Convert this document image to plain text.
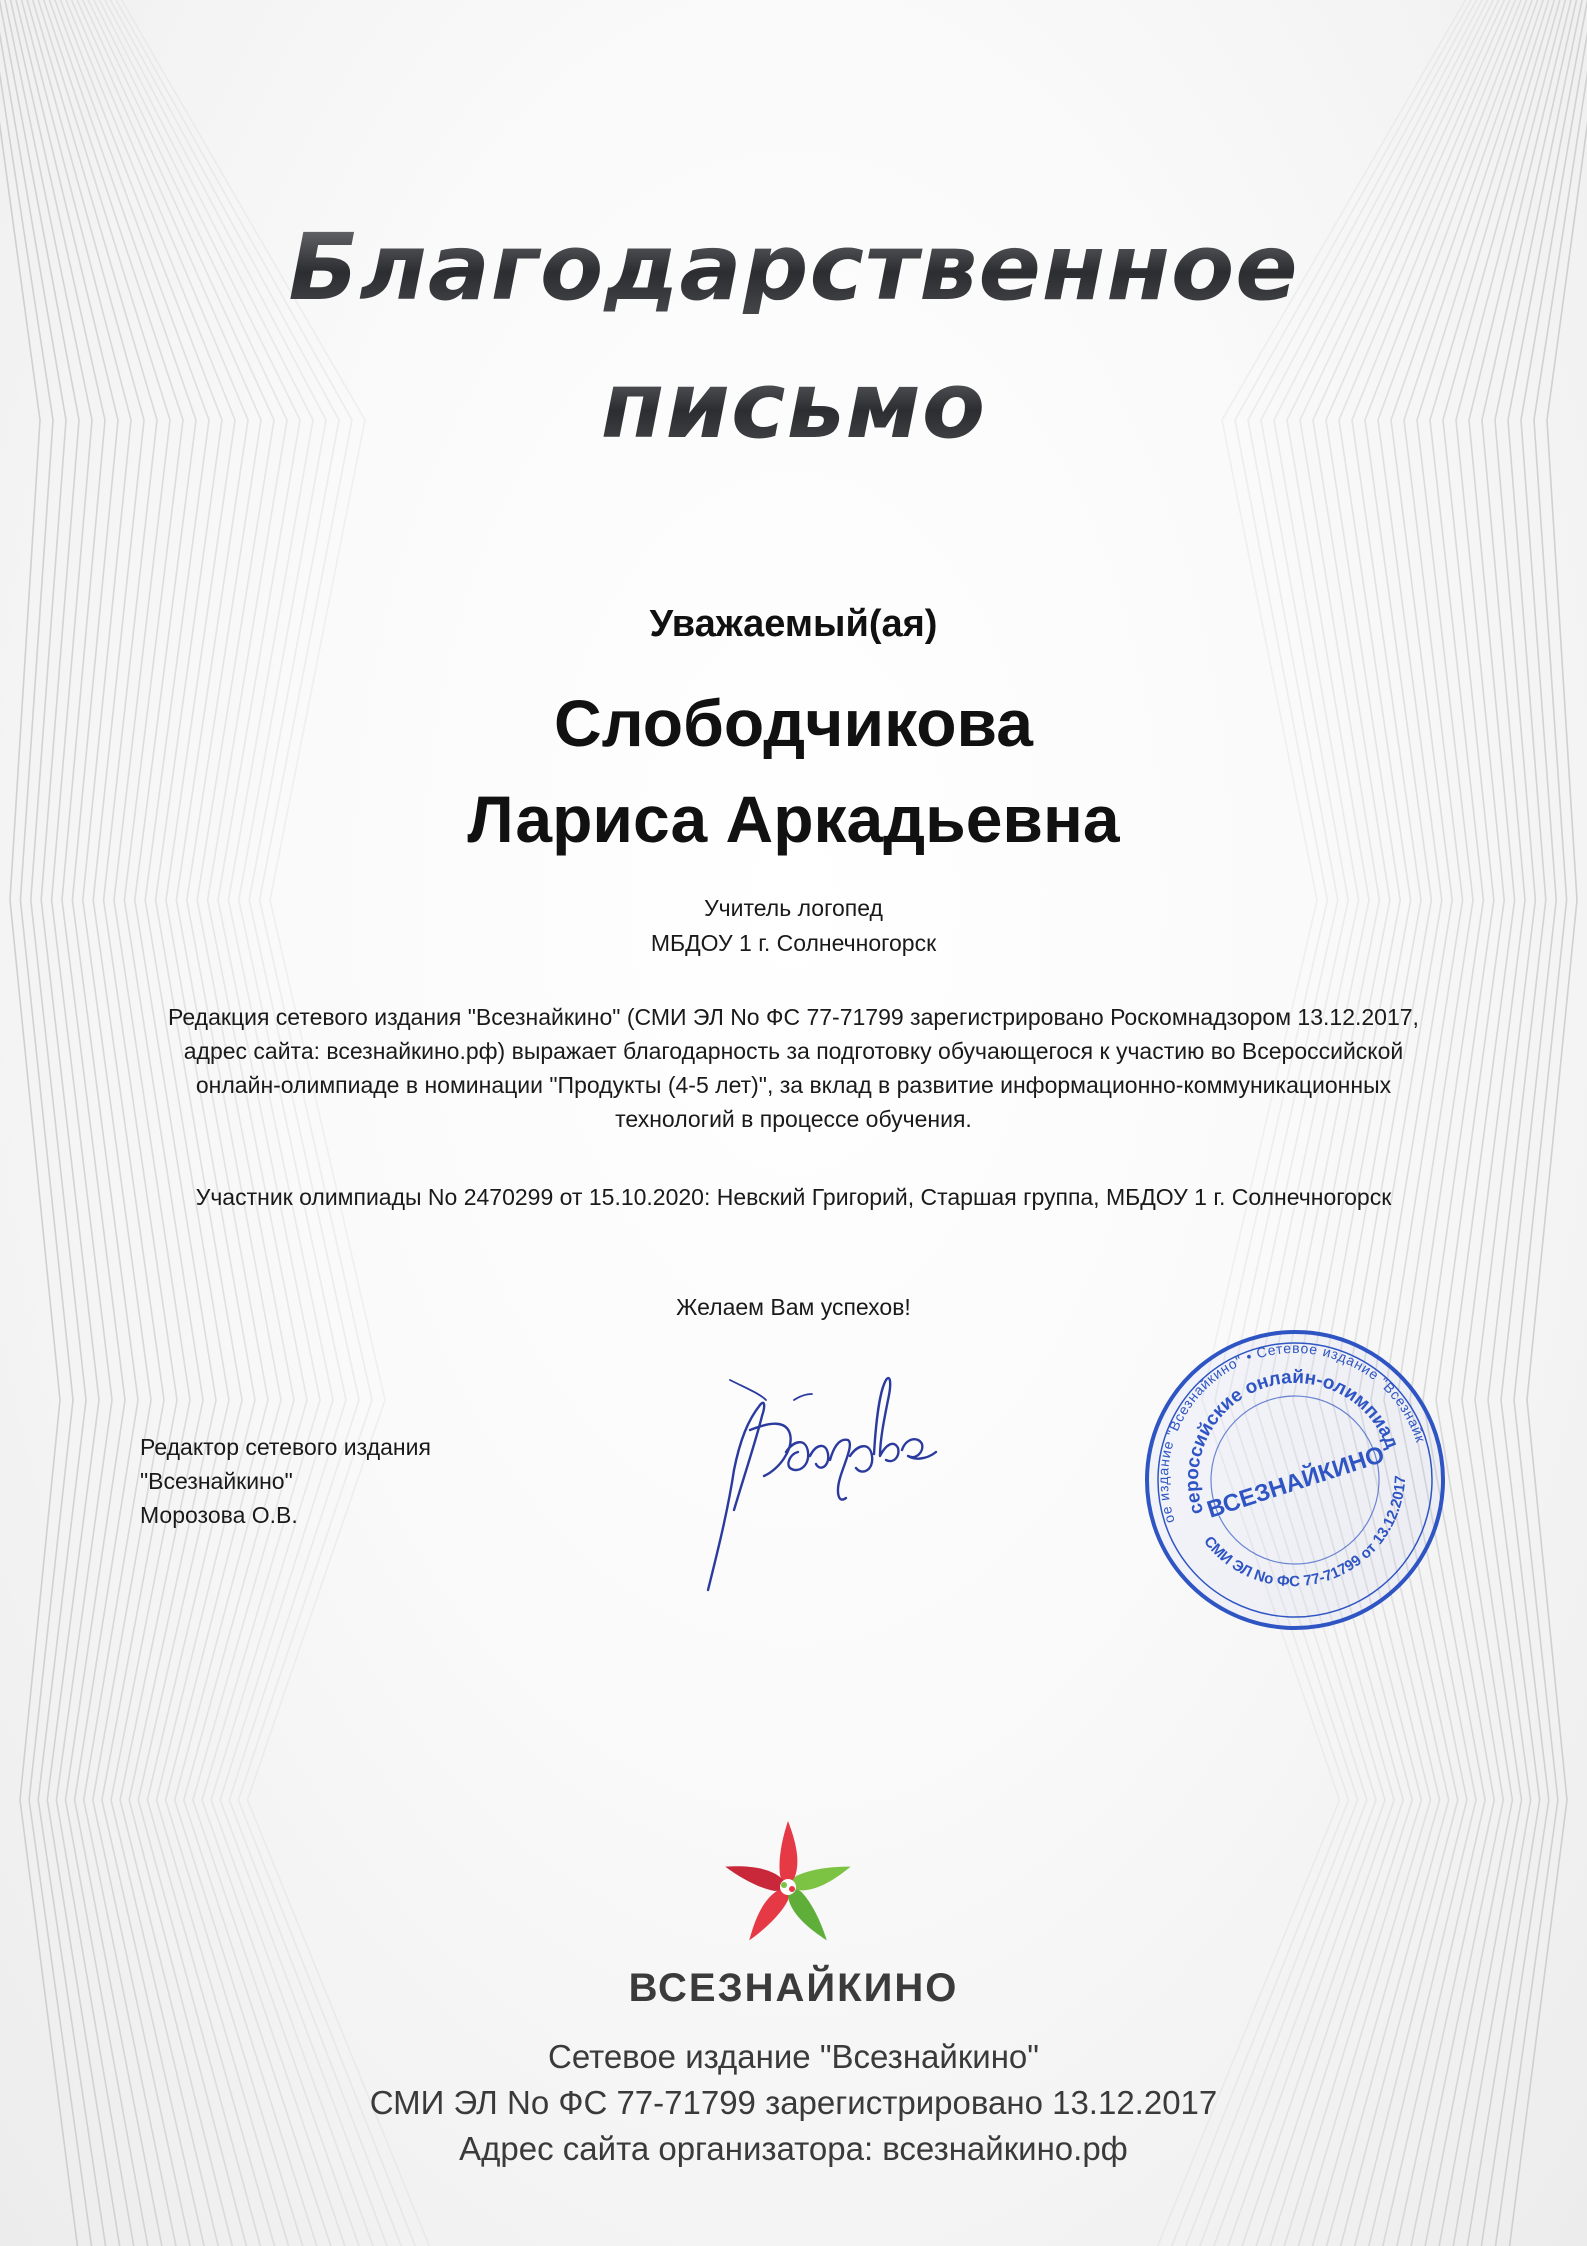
Благодарственное
письмо
Уважаемый(ая)
Слободчикова
Лариса Аркадьевна
Учитель логопед
МБДОУ 1 г. Солнечногорск

Редакция сетевого издания "Всезнайкино" (СМИ ЭЛ No ФС 77-71799 зарегистрировано Роскомнадзором 13.12.2017, адрес сайта: всезнайкино.рф) выражает благодарность за подготовку обучающегося к участию во Всероссийской онлайн-олимпиаде в номинации "Продукты (4-5 лет)", за вклад в развитие информационно-коммуникационных технологий в процессе обучения.

Участник олимпиады No 2470299 от 15.10.2020: Невский Григорий, Старшая группа, МБДОУ 1 г. Солнечногорск

Желаем Вам успехов!

Редактор сетевого издания
"Всезнайкино"
Морозова О.В.
Сетевое издание "Всезнайкино" • Сетевое издание "Всезнайкино"
Всероссийские онлайн-олимпиады
СМИ ЭЛ No ФС 77-71799 от 13.12.2017
ВСЕЗНАЙКИНО
ВСЕЗНАЙКИНО
Сетевое издание "Всезнайкино"
СМИ ЭЛ No ФС 77-71799 зарегистрировано 13.12.2017
Адрес сайта организатора: всезнайкино.рф
